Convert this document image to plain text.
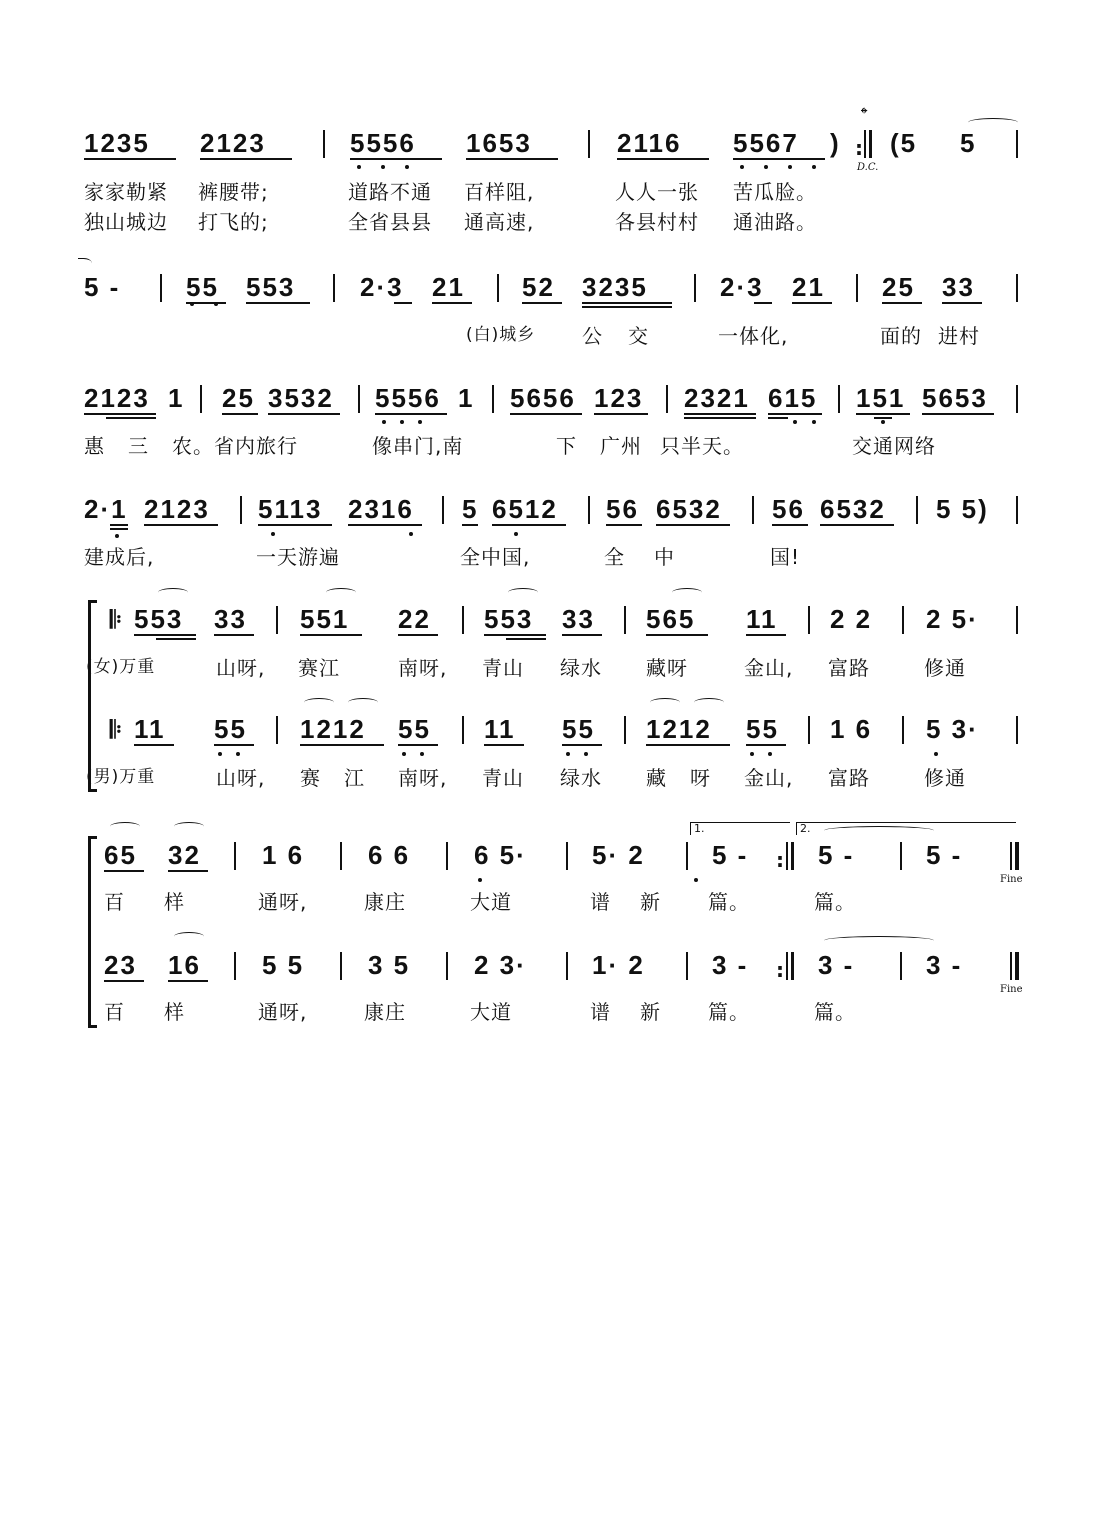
1235 2123	5556 1653	2116 5567 ) :
𝄌
D.C.
(5 5
家家勒紧 裤腰带;	道路不通 百样阻,	人人一张 苦瓜脸。
独山城边 打飞的;	全省县县 通高速,	各县村村 通油路。
5 -	55 553 2·3 21 52 3235	2·3 21 25 33
(白)城乡 公 交	一体化,	面的 进村
2123 1 25 3532 5556 1 5656 123 2321 615 151 5653
惠 三 农。省内旅行	像串门,南	下 广州 只半天。	交通网络
2·1 2123 5113 2316 5 6512 56 6532 56 6532 5 5)
建成后,	一天游遍	全中国,	全 中	国!
𝄆 553 33 551 22 553 33 565 11 2 2 2 5·
(女)万重	山呀, 赛江	南呀, 青山 绿水 藏呀	金山, 富路	修通
𝄆 11 55 1212 55 11 55 1212 55 1 6 5 3·
(男)万重	山呀, 赛 江 南呀, 青山 绿水 藏 呀 金山, 富路	修通
65 32 1 6 6 6 6 5·	5· 2
1.
5 - :
2.
5 -	5 -
Fine
百 样	通呀,	康庄	大道	谱 新 篇。	篇。
23 16 5 5 3 5 2 3·	1· 2	3 - : 3 -	3 -
Fine
百 样	通呀,	康庄	大道	谱 新 篇。	篇。
